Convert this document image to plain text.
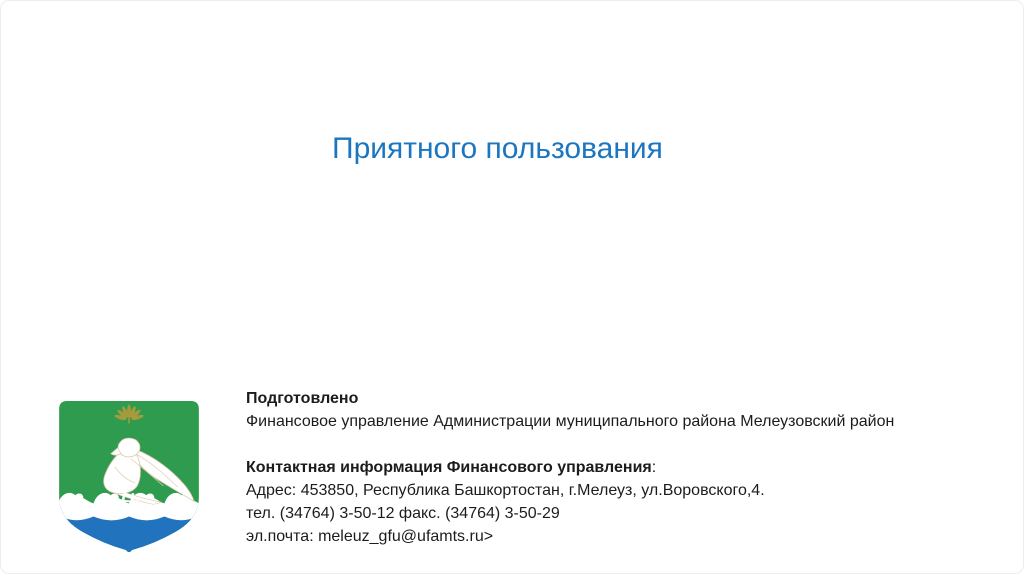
Приятного пользования
Подготовлено
Финансовое управление Администрации муниципального района Мелеузовский район
Контактная информация Финансового управления:
Адрес: 453850, Республика Башкортостан, г.Мелеуз, ул.Воровского,4.
тел. (34764) 3-50-12 факс. (34764) 3-50-29
эл.почта: meleuz_gfu@ufamts.ru>
